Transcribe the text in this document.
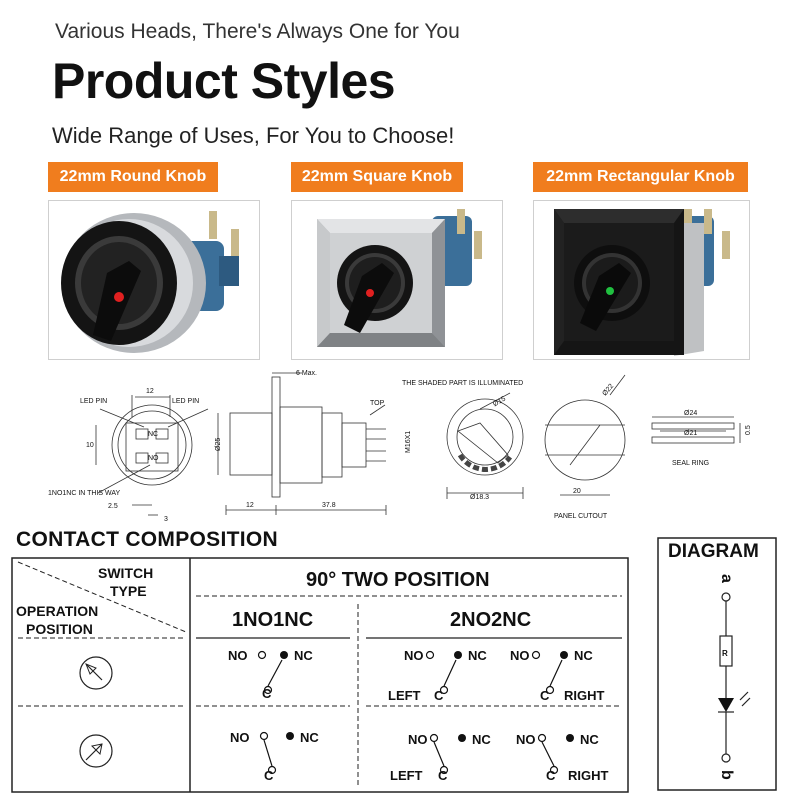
Various Heads, There's Always One for You
Product Styles
Wide Range of Uses, For You to Choose!
22mm Round Knob	22mm Square Knob	22mm Rectangular Knob
LED PIN	LED PIN
12
10
NC
NO
1NO1NC IN THIS WAY
2.5
3
6 Max.
Ø25
12	37.8
TOP
M16X1
THE SHADED PART IS ILLUMINATED
Ø15
Ø18.3
Ø22
20
PANEL CUTOUT
Ø24
Ø21	0.5
SEAL RING
CONTACT COMPOSITION
SWITCH
TYPE
OPERATION
POSITION
90° TWO POSITION
1NO1NC	2NO2NC
NO	NC
C
NO	NC NO	NC
LEFT C	C RIGHT
NO	NC
C
NO	NC NO	NC
LEFT C	C RIGHT
R
a
b
DIAGRAM
